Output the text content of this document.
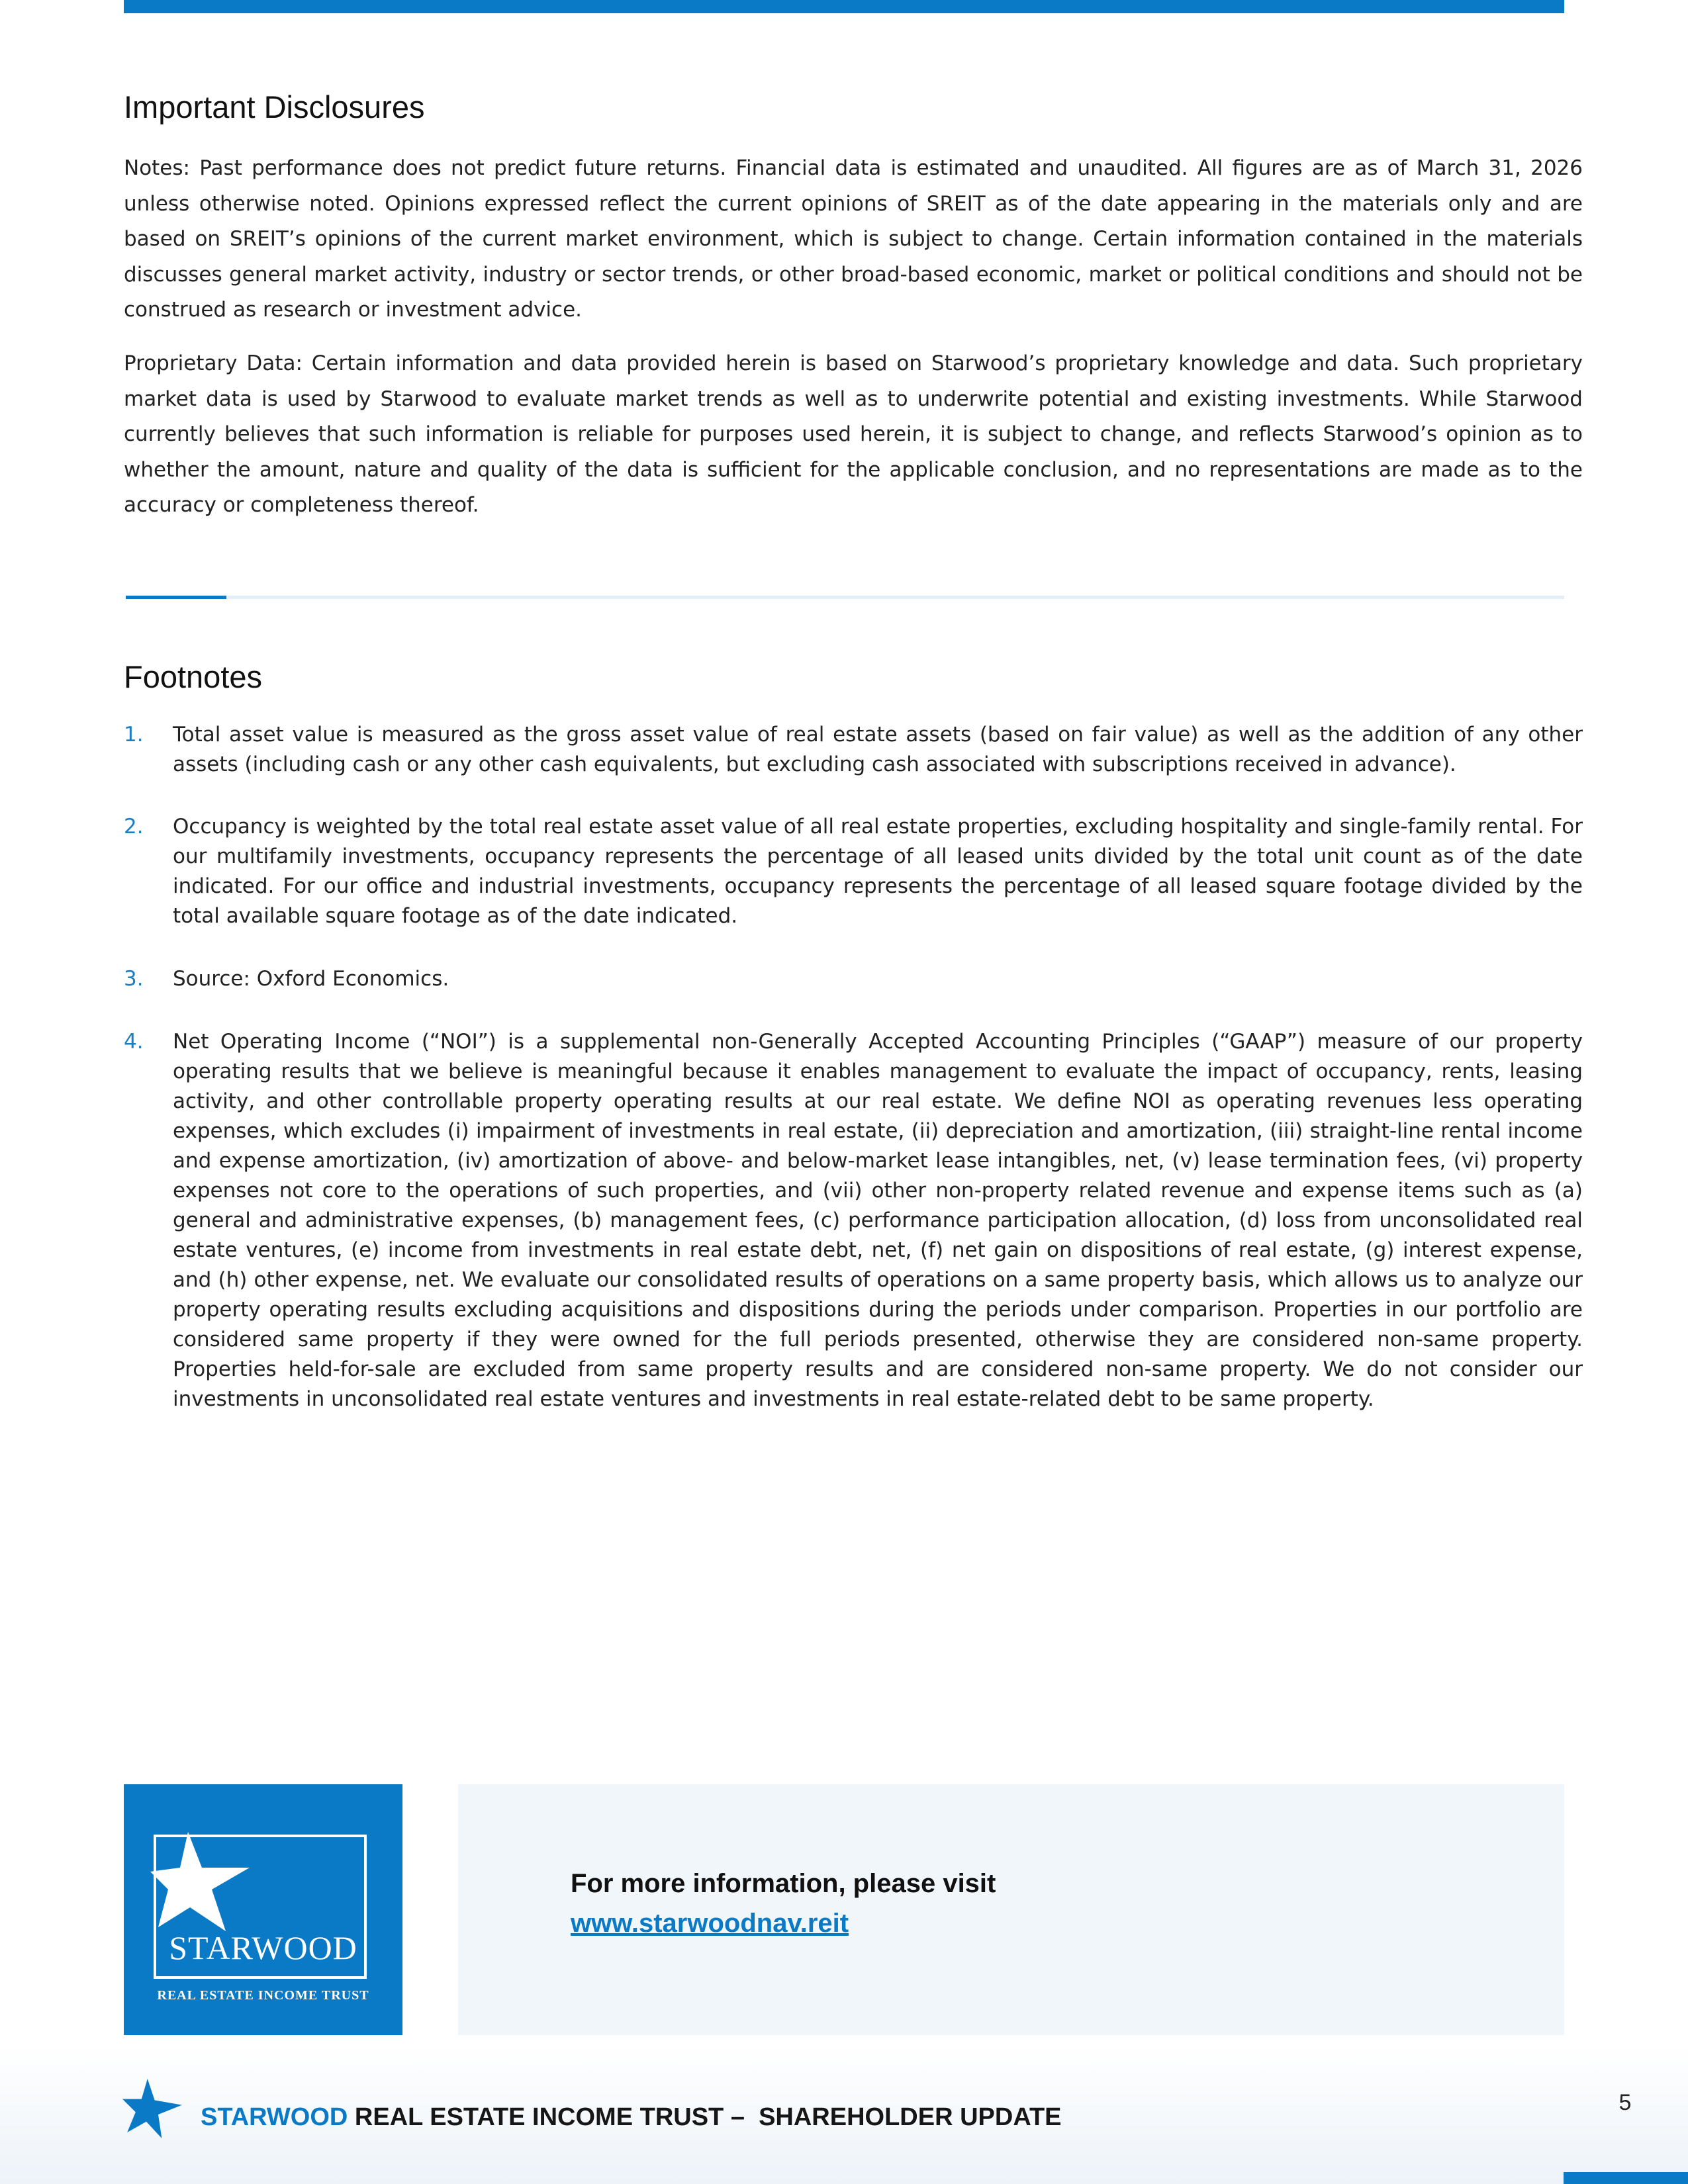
Important Disclosures

Notes: Past performance does not predict future returns. Financial data is estimated and unaudited. All figures are as of March 31, 2026 unless otherwise noted. Opinions expressed reflect the current opinions of SREIT as of the date appearing in the materials only and are based on SREIT’s opinions of the current market environment, which is subject to change. Certain information contained in the materials discusses general market activity, industry or sector trends, or other broad-based economic, market or political conditions and should not be construed as research or investment advice.

Proprietary Data: Certain information and data provided herein is based on Starwood’s proprietary knowledge and data. Such proprietary market data is used by Starwood to evaluate market trends as well as to underwrite potential and existing investments. While Starwood currently believes that such information is reliable for purposes used herein, it is subject to change, and reflects Starwood’s opinion as to whether the amount, nature and quality of the data is sufficient for the applicable conclusion, and no representations are made as to the accuracy or completeness thereof.

Footnotes
1. Total asset value is measured as the gross asset value of real estate assets (based on fair value) as well as the addition of any other assets (including cash or any other cash equivalents, but excluding cash associated with subscriptions received in advance).
2. Occupancy is weighted by the total real estate asset value of all real estate properties, excluding hospitality and single-family rental. For our multifamily investments, occupancy represents the percentage of all leased units divided by the total unit count as of the date indicated. For our office and industrial investments, occupancy represents the percentage of all leased square footage divided by the total available square footage as of the date indicated.
3. Source: Oxford Economics.
4. Net Operating Income (“NOI”) is a supplemental non-Generally Accepted Accounting Principles (“GAAP”) measure of our property operating results that we believe is meaningful because it enables management to evaluate the impact of occupancy, rents, leasing activity, and other controllable property operating results at our real estate. We define NOI as operating revenues less operating expenses, which excludes (i) impairment of investments in real estate, (ii) depreciation and amortization, (iii) straight-line rental income and expense amortization, (iv) amortization of above- and below-market lease intangibles, net, (v) lease termination fees, (vi) property expenses not core to the operations of such properties, and (vii) other non-property related revenue and expense items such as (a) general and administrative expenses, (b) management fees, (c) performance participation allocation, (d) loss from unconsolidated real estate ventures, (e) income from investments in real estate debt, net, (f) net gain on dispositions of real estate, (g) interest expense, and (h) other expense, net. We evaluate our consolidated results of operations on a same property basis, which allows us to analyze our property operating results excluding acquisitions and dispositions during the periods under comparison. Properties in our portfolio are considered same property if they were owned for the full periods presented, otherwise they are considered non-same property. Properties held-for-sale are excluded from same property results and are considered non-same property. We do not consider our investments in unconsolidated real estate ventures and investments in real estate-related debt to be same property.
STARWOOD
REAL ESTATE INCOME TRUST

For more information, please visit

www.starwoodnav.reit
STARWOOD REAL ESTATE INCOME TRUST –  SHAREHOLDER UPDATE
5
